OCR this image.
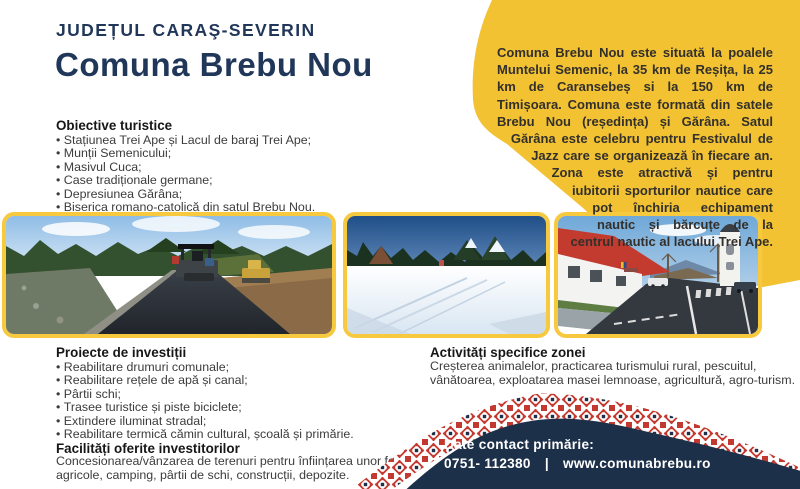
JUDEȚUL CARAŞ-SEVERIN
Comuna Brebu Nou	Comuna Brebu Nou este situată la poalele Muntelui Semenic, la 35 km de Reșița, la 25 km de Caransebeș si la 150 km de Timișoara. Comuna este formată din satele Brebu Nou (reședința) și Gărâna. Satul Gărâna este celebru pentru Festivalul de Jazz care se organizează în fiecare an. Zona este atractivă și pentru iubitorii sporturilor nautice care pot închiria echipament nautic și bărcuțe de la centrul nautic al lacului Trei Ape.
Obiective turistice
• Stațiunea Trei Ape și Lacul de baraj Trei Ape;
• Munții Semenicului;
• Masivul Cuca;
• Case tradiționale germane;
• Depresiunea Gărâna;
• Biserica romano-catolică din satul Brebu Nou.
Proiecte de investiții
• Reabilitare drumuri comunale;
• Reabilitare rețele de apă și canal;
• Pârtii schi;
• Trasee turistice și piste biciclete;
• Extindere iluminat stradal;
• Reabilitare termică cămin cultural, școală și primărie.
Activități specifice zonei
Creșterea animalelor, practicarea turismului rural, pescuitul, vânătoarea, exploatarea masei lemnoase, agricultură, agro-turism.
Facilități oferite investitorilor
Concesionarea/vânzarea de terenuri pentru înființarea unor ferme agricole, camping, pârtii de schi, construcții, depozite.
Date contact primărie:
0751- 112380 | www.comunabrebu.ro
